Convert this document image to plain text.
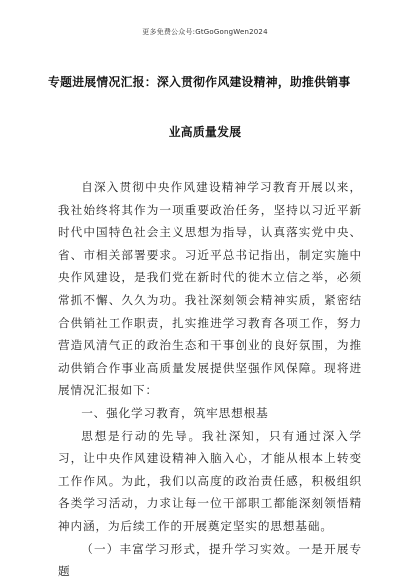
更多免费公众号:GtGoGongWen2024
专题进展情况汇报：深入贯彻作风建设精神，助推供销事
业高质量发展

自深入贯彻中央作风建设精神学习教育开展以来，我社始终将其作为一项重要政治任务，坚持以习近平新时代中国特色社会主义思想为指导，认真落实党中央、省、市相关部署要求。习近平总书记指出，制定实施中央作风建设，是我们党在新时代的徙木立信之举，必须常抓不懈、久久为功。我社深刻领会精神实质，紧密结合供销社工作职责，扎实推进学习教育各项工作，努力营造风清气正的政治生态和干事创业的良好氛围，为推动供销合作事业高质量发展提供坚强作风保障。现将进展情况汇报如下：

一、强化学习教育，筑牢思想根基

思想是行动的先导。我社深知，只有通过深入学习，让中央作风建设精神入脑入心，才能从根本上转变工作作风。为此，我们以高度的政治责任感，积极组织各类学习活动，力求让每一位干部职工都能深刻领悟精神内涵，为后续工作的开展奠定坚实的思想基础。

（一）丰富学习形式，提升学习实效。一是开展专题
